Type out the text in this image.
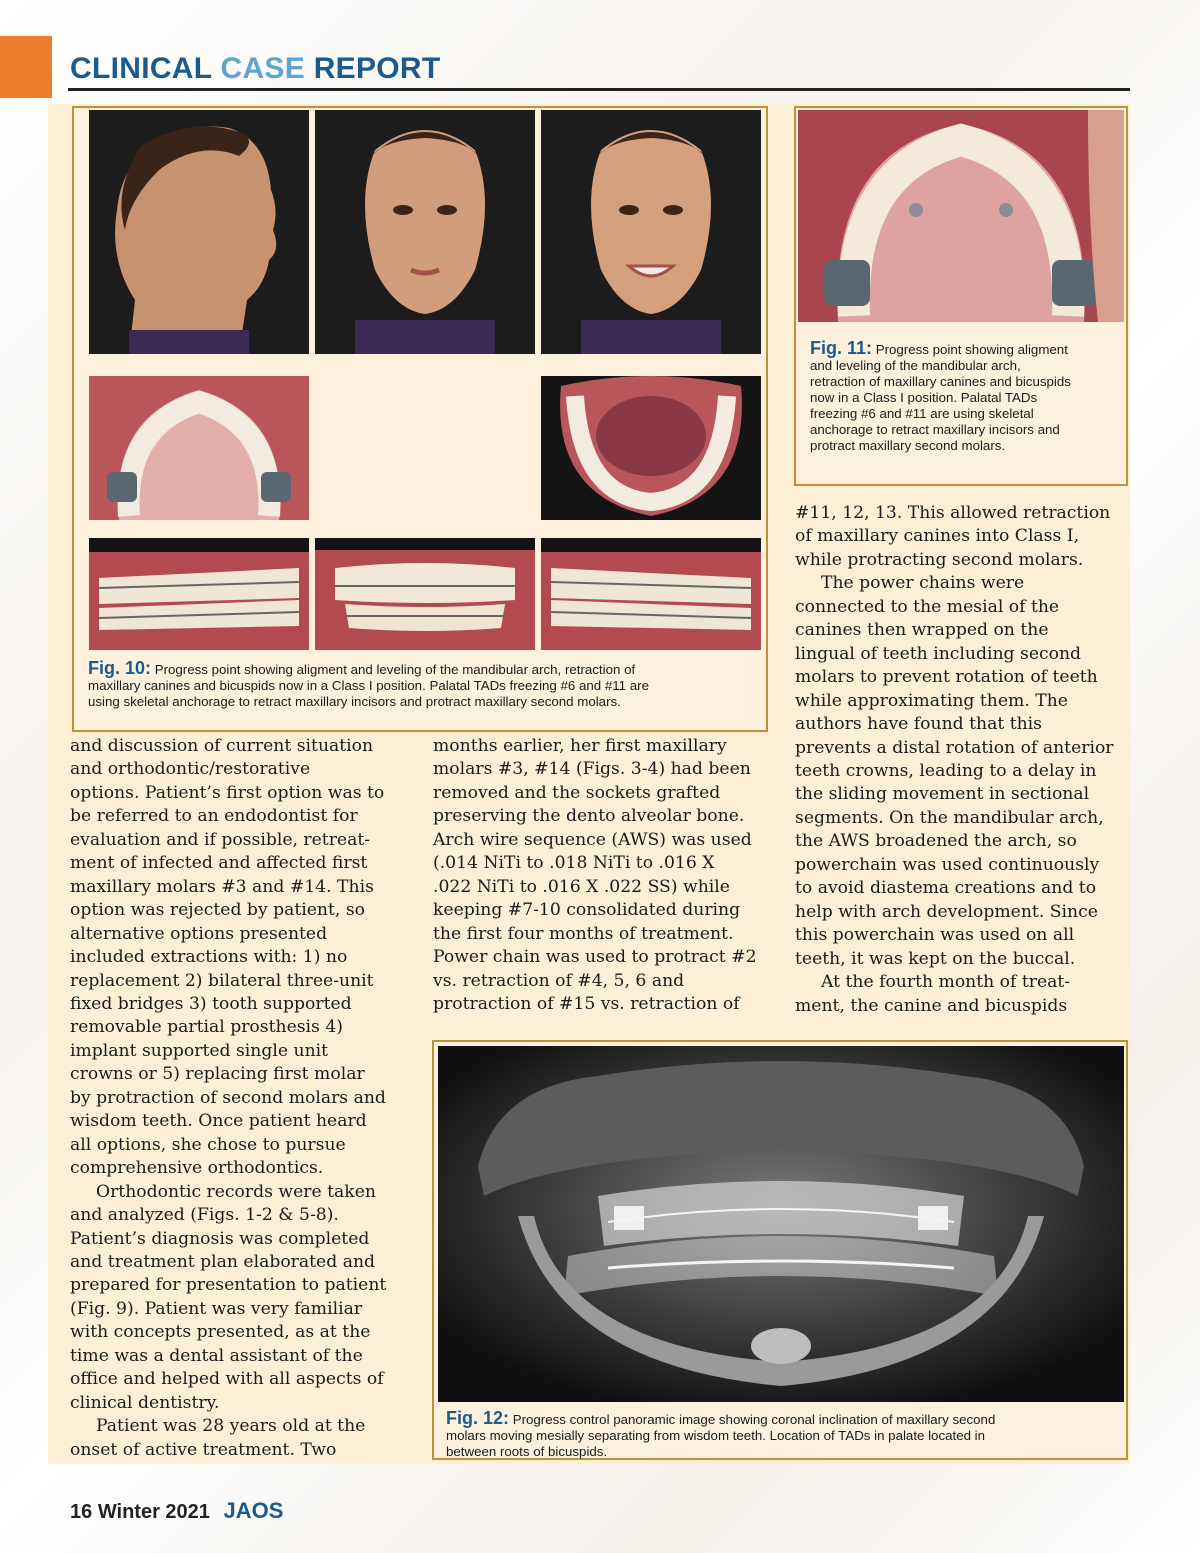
CLINICAL CASE REPORT
Fig. 10: Progress point showing aligment and leveling of the mandibular arch, retraction of
maxillary canines and bicuspids now in a Class I position. Palatal TADs freezing #6 and #11 are
using skeletal anchorage to retract maxillary incisors and protract maxillary second molars.
Fig. 11: Progress point showing aligment
and leveling of the mandibular arch,
retraction of maxillary canines and bicuspids
now in a Class I position. Palatal TADs
freezing #6 and #11 are using skeletal
anchorage to retract maxillary incisors and
protract maxillary second molars.
Fig. 12: Progress control panoramic image showing coronal inclination of maxillary second
molars moving mesially separating from wisdom teeth. Location of TADs in palate located in
between roots of bicuspids.
and discussion of current situation
and orthodontic/restorative
options. Patient’s first option was to
be referred to an endodontist for
evaluation and if possible, retreat-
ment of infected and affected first
maxillary molars #3 and #14. This
option was rejected by patient, so
alternative options presented
included extractions with: 1) no
replacement 2) bilateral three-unit
fixed bridges 3) tooth supported
removable partial prosthesis 4)
implant supported single unit
crowns or 5) replacing first molar
by protraction of second molars and
wisdom teeth. Once patient heard
all options, she chose to pursue
comprehensive orthodontics.
Orthodontic records were taken
and analyzed (Figs. 1-2 & 5-8).
Patient’s diagnosis was completed
and treatment plan elaborated and
prepared for presentation to patient
(Fig. 9). Patient was very familiar
with concepts presented, as at the
time was a dental assistant of the
office and helped with all aspects of
clinical dentistry.
Patient was 28 years old at the
onset of active treatment. Two
months earlier, her first maxillary
molars #3, #14 (Figs. 3-4) had been
removed and the sockets grafted
preserving the dento alveolar bone.
Arch wire sequence (AWS) was used
(.014 NiTi to .018 NiTi to .016 X
.022 NiTi to .016 X .022 SS) while
keeping #7-10 consolidated during
the first four months of treatment.
Power chain was used to protract #2
vs. retraction of #4, 5, 6 and
protraction of #15 vs. retraction of
#11, 12, 13. This allowed retraction
of maxillary canines into Class I,
while protracting second molars.
The power chains were
connected to the mesial of the
canines then wrapped on the
lingual of teeth including second
molars to prevent rotation of teeth
while approximating them. The
authors have found that this
prevents a distal rotation of anterior
teeth crowns, leading to a delay in
the sliding movement in sectional
segments. On the mandibular arch,
the AWS broadened the arch, so
powerchain was used continuously
to avoid diastema creations and to
help with arch development. Since
this powerchain was used on all
teeth, it was kept on the buccal.
At the fourth month of treat-
ment, the canine and bicuspids
16 Winter 2021 JAOS
